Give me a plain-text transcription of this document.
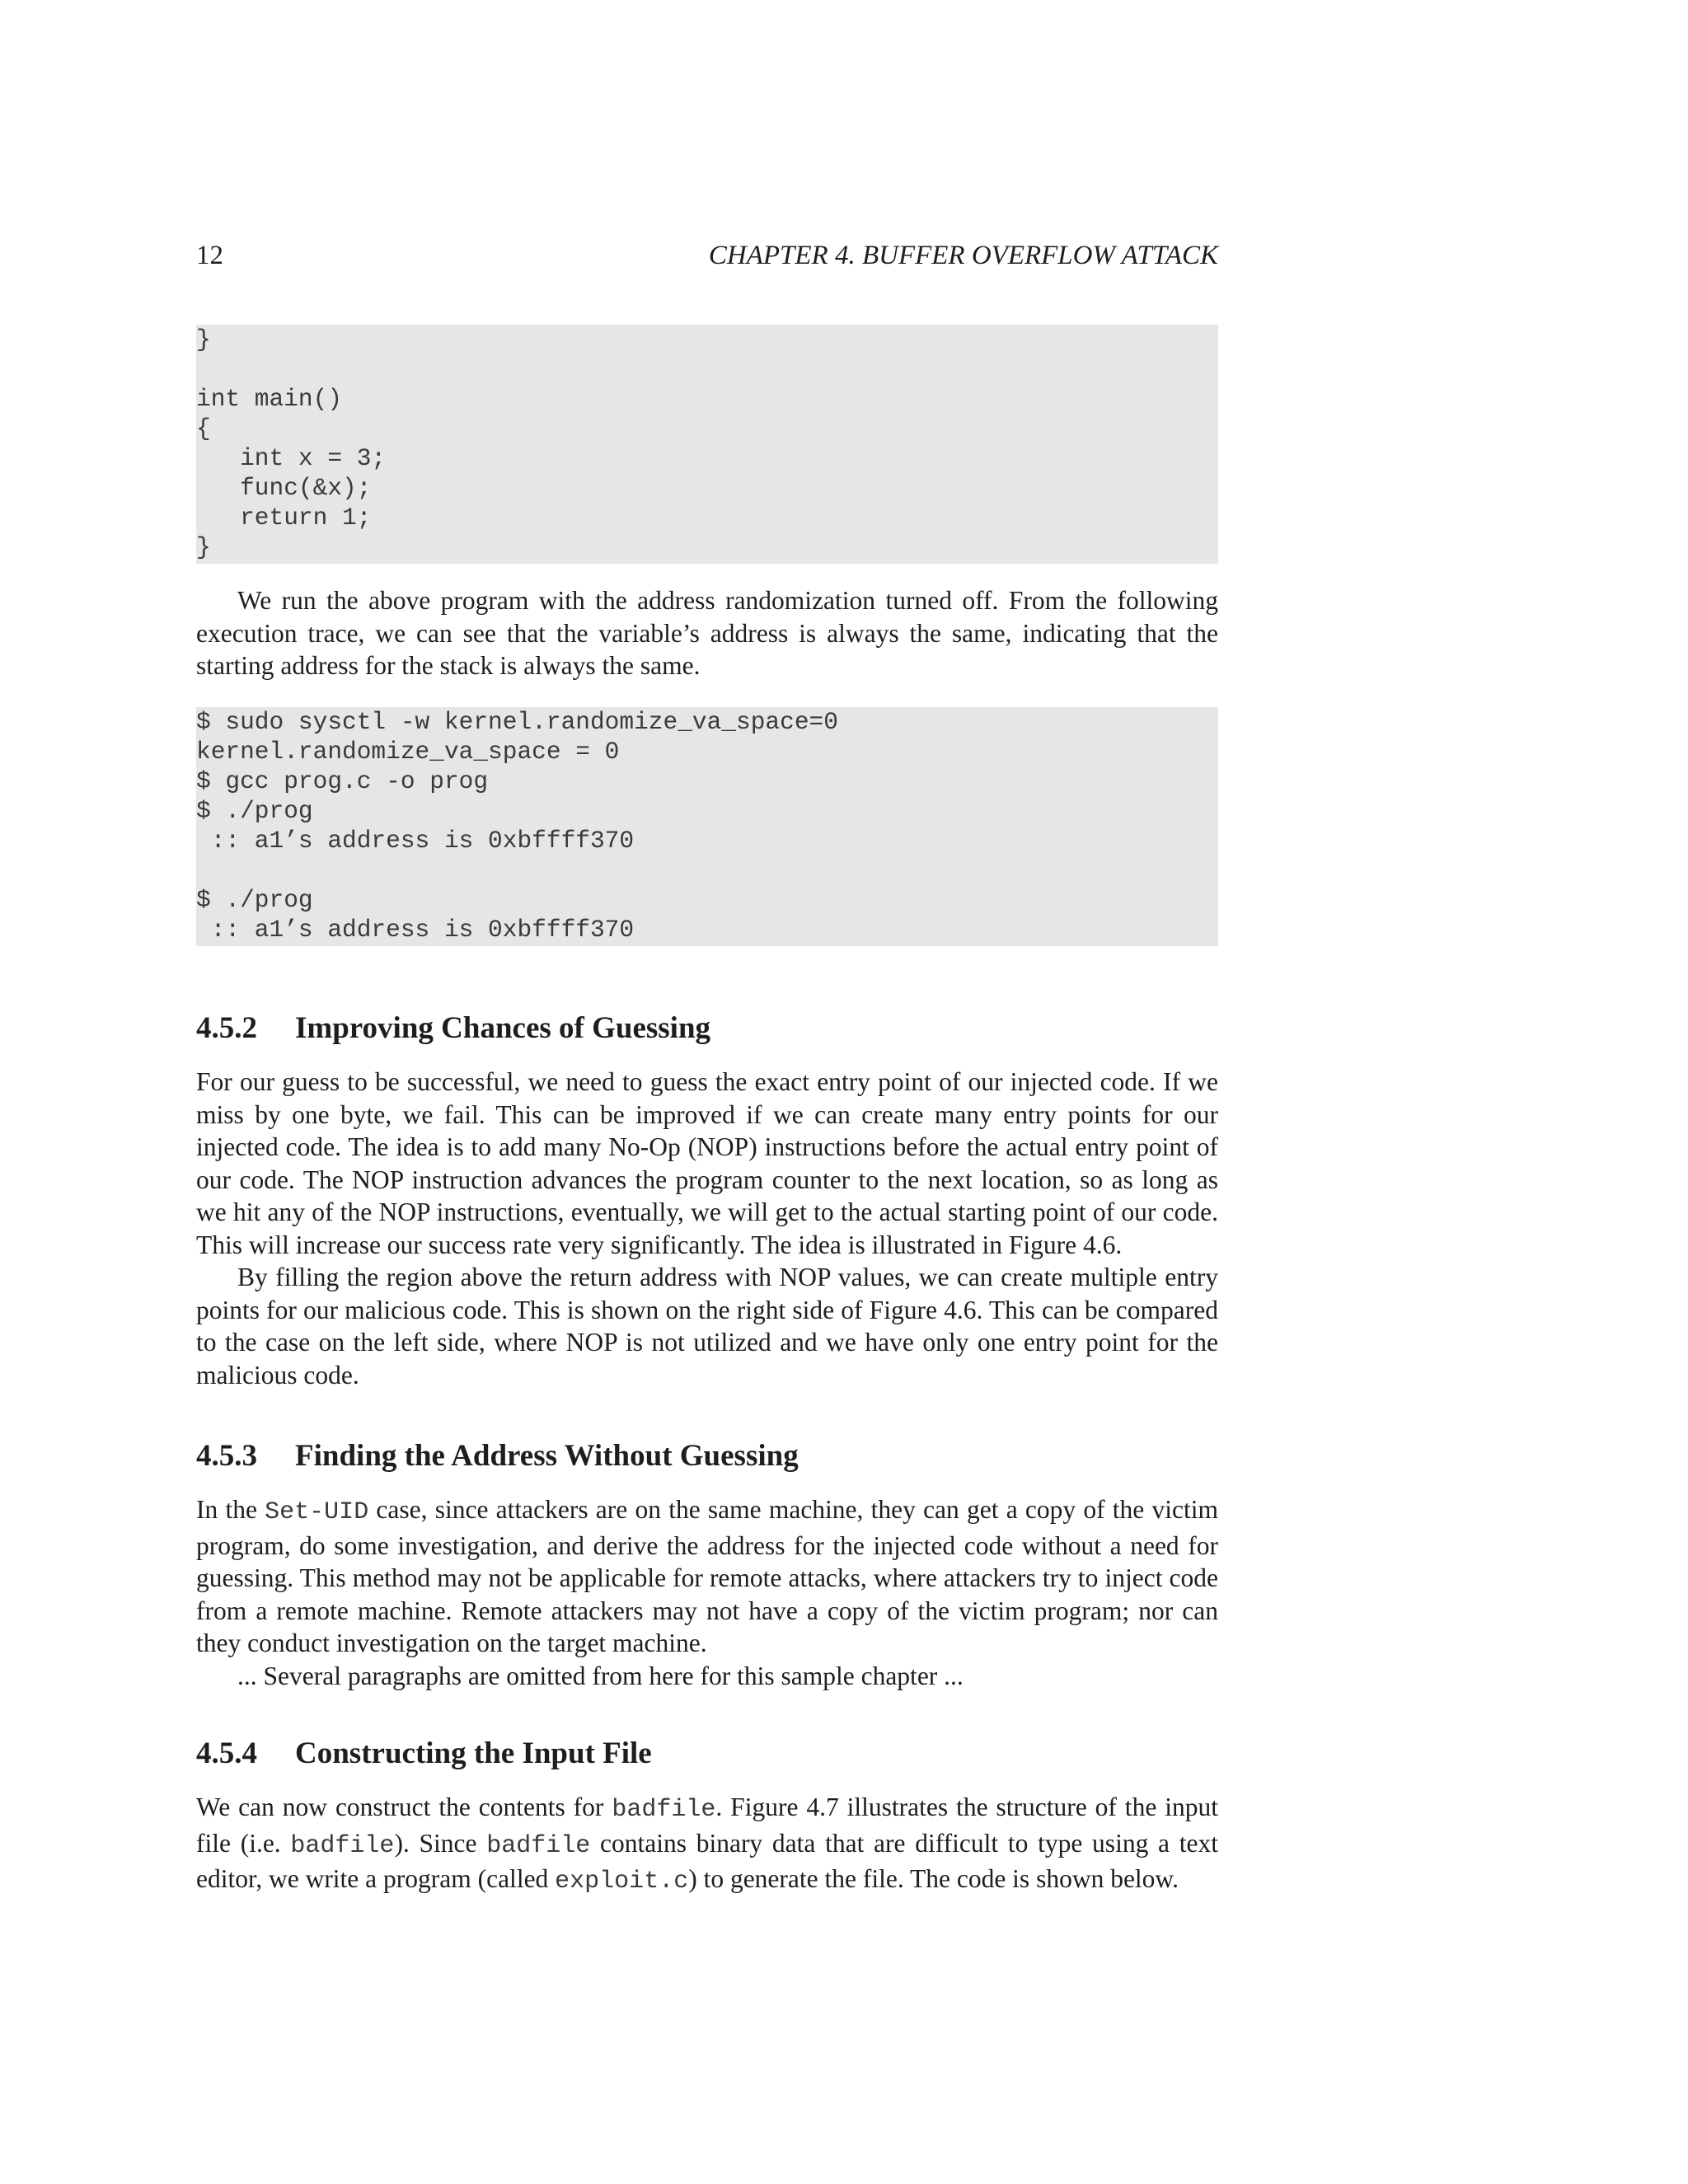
12	CHAPTER 4. BUFFER OVERFLOW ATTACK
}
int main()
{
int x = 3;
func(&x);
return 1;
}

We run the above program with the address randomization turned off. From the following execution trace, we can see that the variable’s address is always the same, indicating that the starting address for the stack is always the same.

$ sudo sysctl -w kernel.randomize_va_space=0
kernel.randomize_va_space = 0
$ gcc prog.c -o prog
$ ./prog
:: a1’s address is 0xbffff370
$ ./prog
:: a1’s address is 0xbffff370
4.5.2 Improving Chances of Guessing

For our guess to be successful, we need to guess the exact entry point of our injected code. If we miss by one byte, we fail. This can be improved if we can create many entry points for our injected code. The idea is to add many No-Op (NOP) instructions before the actual entry point of our code. The NOP instruction advances the program counter to the next location, so as long as we hit any of the NOP instructions, eventually, we will get to the actual starting point of our code. This will increase our success rate very significantly. The idea is illustrated in Figure 4.6.

By filling the region above the return address with NOP values, we can create multiple entry points for our malicious code. This is shown on the right side of Figure 4.6. This can be compared to the case on the left side, where NOP is not utilized and we have only one entry point for the malicious code.

4.5.3 Finding the Address Without Guessing

In the Set-UID case, since attackers are on the same machine, they can get a copy of the victim program, do some investigation, and derive the address for the injected code without a need for guessing. This method may not be applicable for remote attacks, where attackers try to inject code from a remote machine. Remote attackers may not have a copy of the victim program; nor can they conduct investigation on the target machine.

... Several paragraphs are omitted from here for this sample chapter ...

4.5.4 Constructing the Input File

We can now construct the contents for badfile. Figure 4.7 illustrates the structure of the input file (i.e. badfile). Since badfile contains binary data that are difficult to type using a text editor, we write a program (called exploit.c) to generate the file. The code is shown below.
